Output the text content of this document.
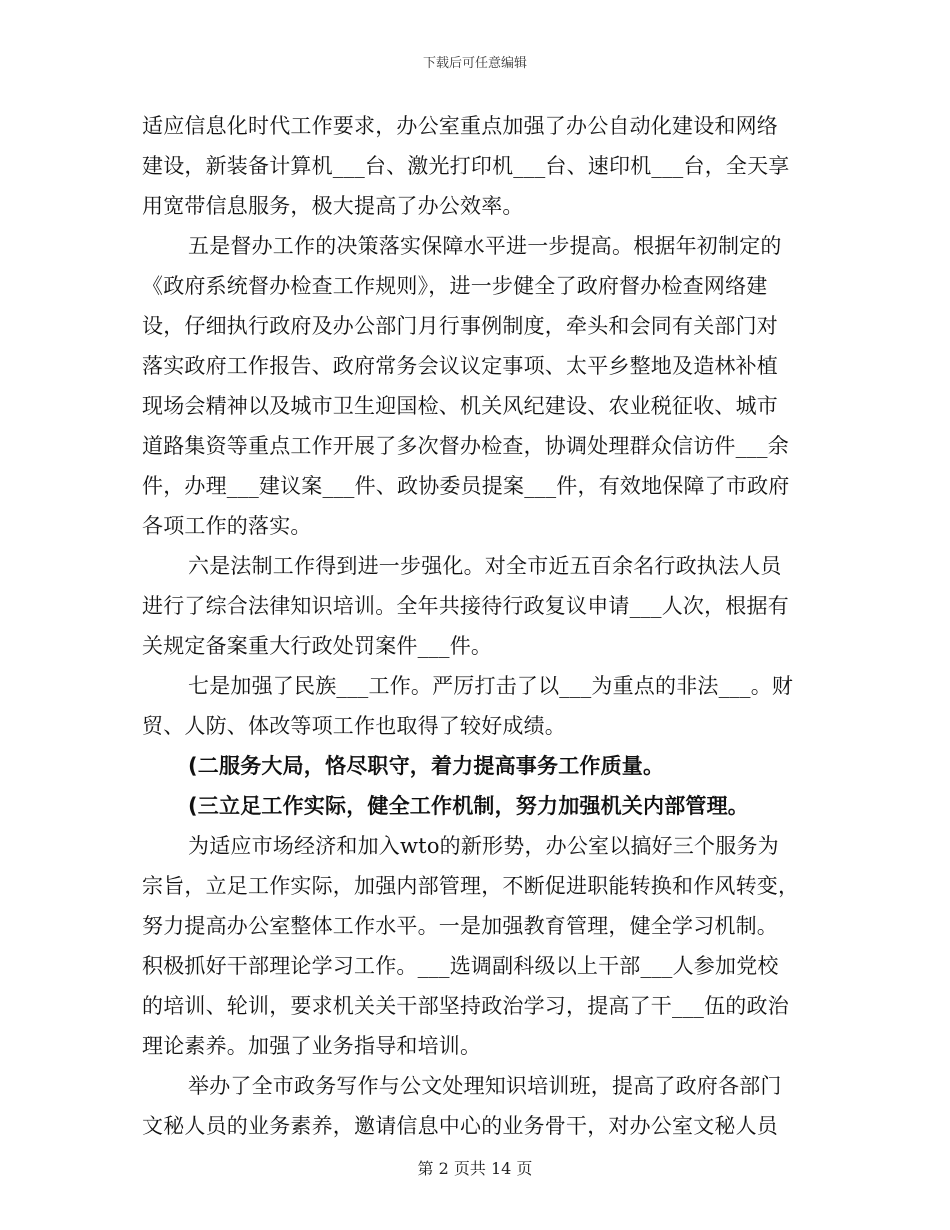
下载后可任意编辑
适应信息化时代工作要求，办公室重点加强了办公自动化建设和网络
建设，新装备计算机___台、激光打印机___台、速印机___台，全天享
用宽带信息服务，极大提高了办公效率。
五是督办工作的决策落实保障水平进一步提高。根据年初制定的
《政府系统督办检查工作规则》，进一步健全了政府督办检查网络建
设，仔细执行政府及办公部门月行事例制度，牵头和会同有关部门对
落实政府工作报告、政府常务会议议定事项、太平乡整地及造林补植
现场会精神以及城市卫生迎国检、机关风纪建设、农业税征收、城市
道路集资等重点工作开展了多次督办检查，协调处理群众信访件___余
件，办理___建议案___件、政协委员提案___件，有效地保障了市政府
各项工作的落实。
六是法制工作得到进一步强化。对全市近五百余名行政执法人员
进行了综合法律知识培训。全年共接待行政复议申请___人次，根据有
关规定备案重大行政处罚案件___件。
七是加强了民族___工作。严厉打击了以___为重点的非法___。财
贸、人防、体改等项工作也取得了较好成绩。
(二服务大局，恪尽职守，着力提高事务工作质量。
(三立足工作实际，健全工作机制，努力加强机关内部管理。
为适应市场经济和加入wto的新形势，办公室以搞好三个服务为
宗旨，立足工作实际，加强内部管理，不断促进职能转换和作风转变，
努力提高办公室整体工作水平。一是加强教育管理，健全学习机制。
积极抓好干部理论学习工作。___选调副科级以上干部___人参加党校
的培训、轮训，要求机关关干部坚持政治学习，提高了干___伍的政治
理论素养。加强了业务指导和培训。
举办了全市政务写作与公文处理知识培训班，提高了政府各部门
文秘人员的业务素养，邀请信息中心的业务骨干，对办公室文秘人员
第 2 页共 14 页
